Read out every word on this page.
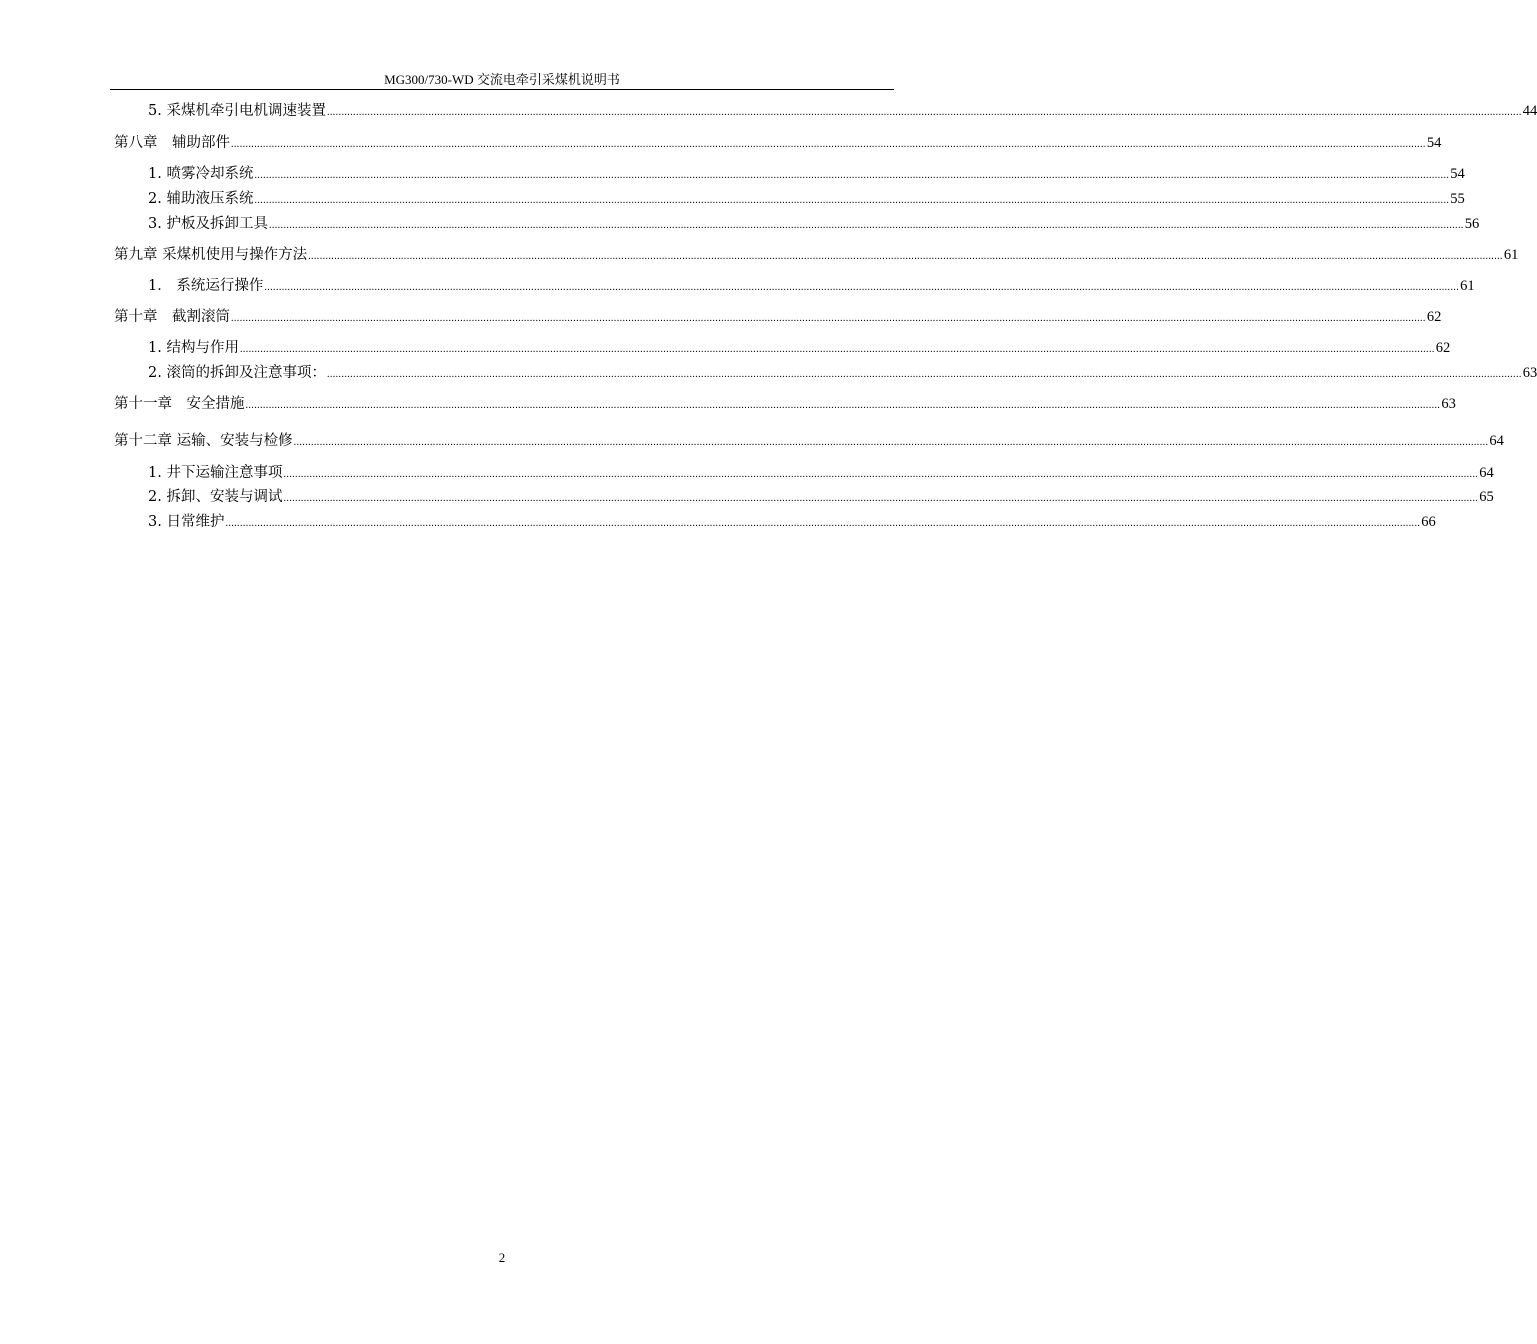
MG300/730-WD 交流电牵引采煤机说明书
5. 采煤机牵引电机调速装置 ............................................................................................................................................................................................................................................................................................................................................................................................................................ 44
第八章　辅助部件 ............................................................................................................................................................................................................................................................................................................................................................................................................................ 54
1. 喷雾冷却系统 ............................................................................................................................................................................................................................................................................................................................................................................................................................ 54
2. 辅助液压系统 ............................................................................................................................................................................................................................................................................................................................................................................................................................ 55
3. 护板及拆卸工具 ............................................................................................................................................................................................................................................................................................................................................................................................................................ 56
第九章 采煤机使用与操作方法 ............................................................................................................................................................................................................................................................................................................................................................................................................................ 61
1． 系统运行操作 ............................................................................................................................................................................................................................................................................................................................................................................................................................ 61
第十章　截割滚筒 ............................................................................................................................................................................................................................................................................................................................................................................................................................ 62
1. 结构与作用 ............................................................................................................................................................................................................................................................................................................................................................................................................................ 62
2. 滚筒的拆卸及注意事项： ............................................................................................................................................................................................................................................................................................................................................................................................................................ 63
第十一章　安全措施 ............................................................................................................................................................................................................................................................................................................................................................................................................................ 63
第十二章 运输、安装与检修 ............................................................................................................................................................................................................................................................................................................................................................................................................................ 64
1. 井下运输注意事项 ............................................................................................................................................................................................................................................................................................................................................................................................................................ 64
2. 拆卸、安装与调试 ............................................................................................................................................................................................................................................................................................................................................................................................................................ 65
3. 日常维护 ............................................................................................................................................................................................................................................................................................................................................................................................................................ 66
2
